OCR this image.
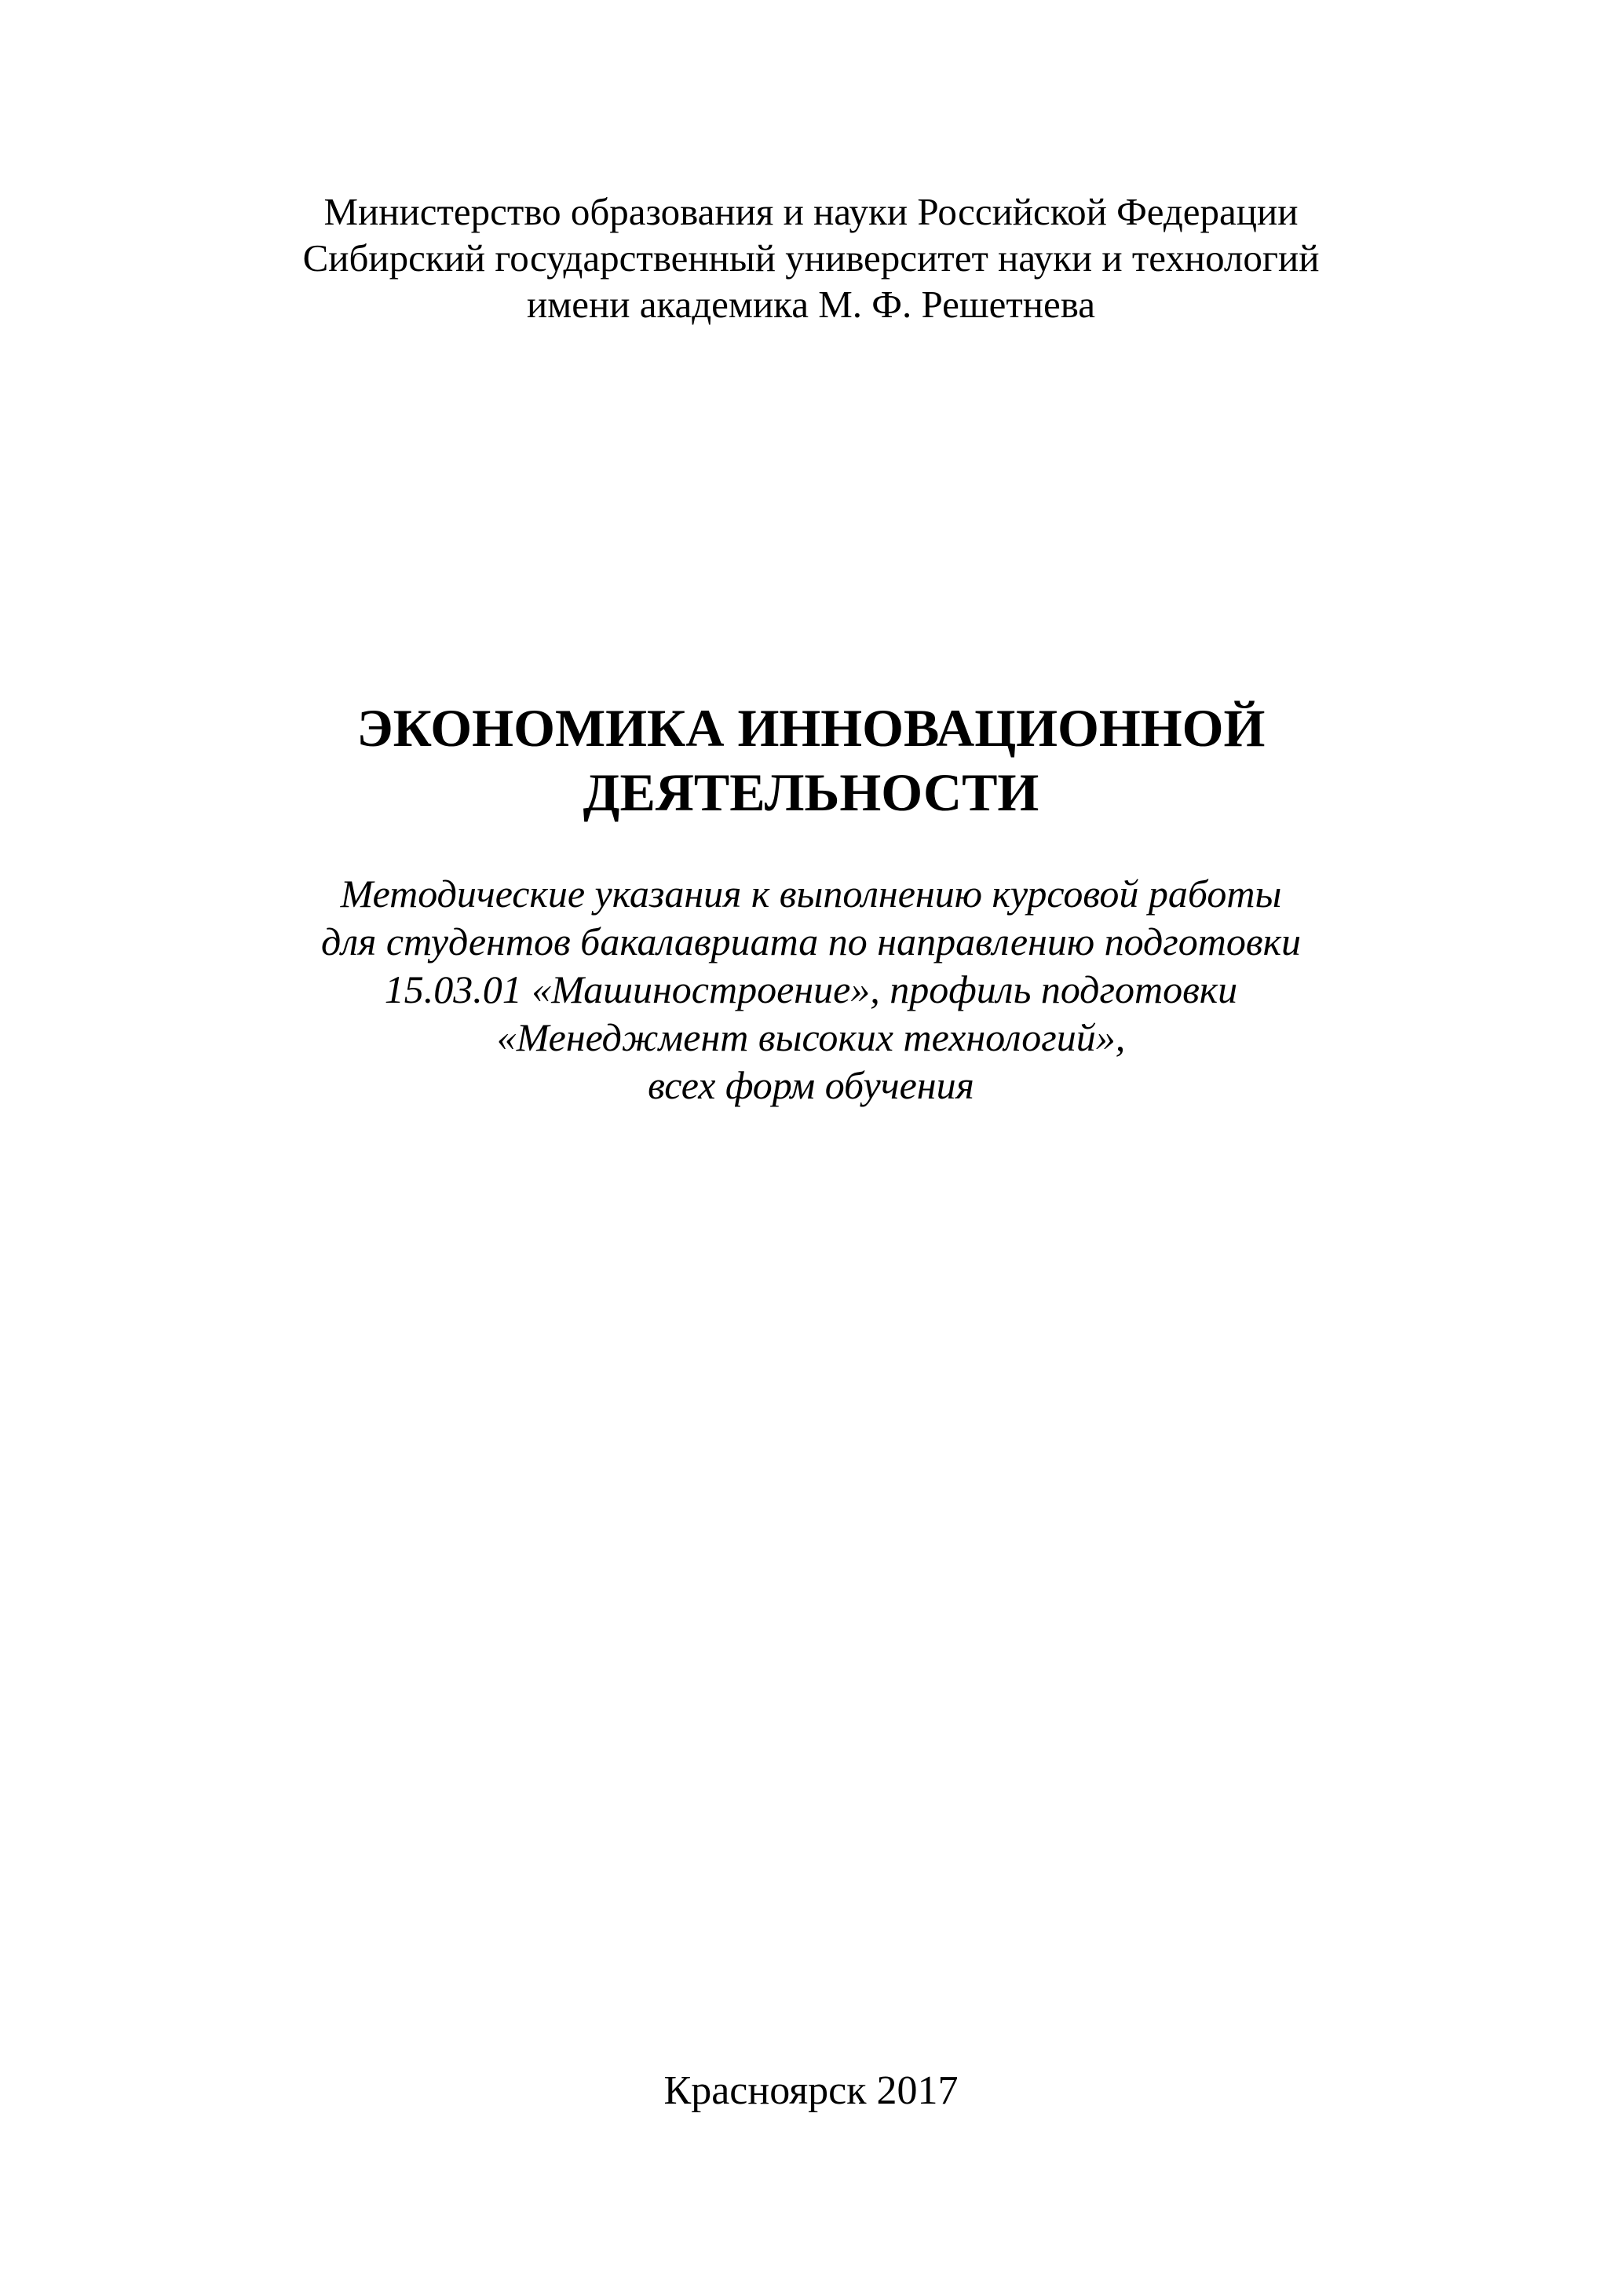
Министерство образования и науки Российской Федерации
Сибирский государственный университет науки и технологий
имени академика М. Ф. Решетнева
ЭКОНОМИКА ИННОВАЦИОННОЙ
ДЕЯТЕЛЬНОСТИ
Методические указания к выполнению курсовой работы
для студентов бакалавриата по направлению подготовки
15.03.01 «Машиностроение», профиль подготовки
«Менеджмент высоких технологий»,
всех форм обучения
Красноярск 2017
